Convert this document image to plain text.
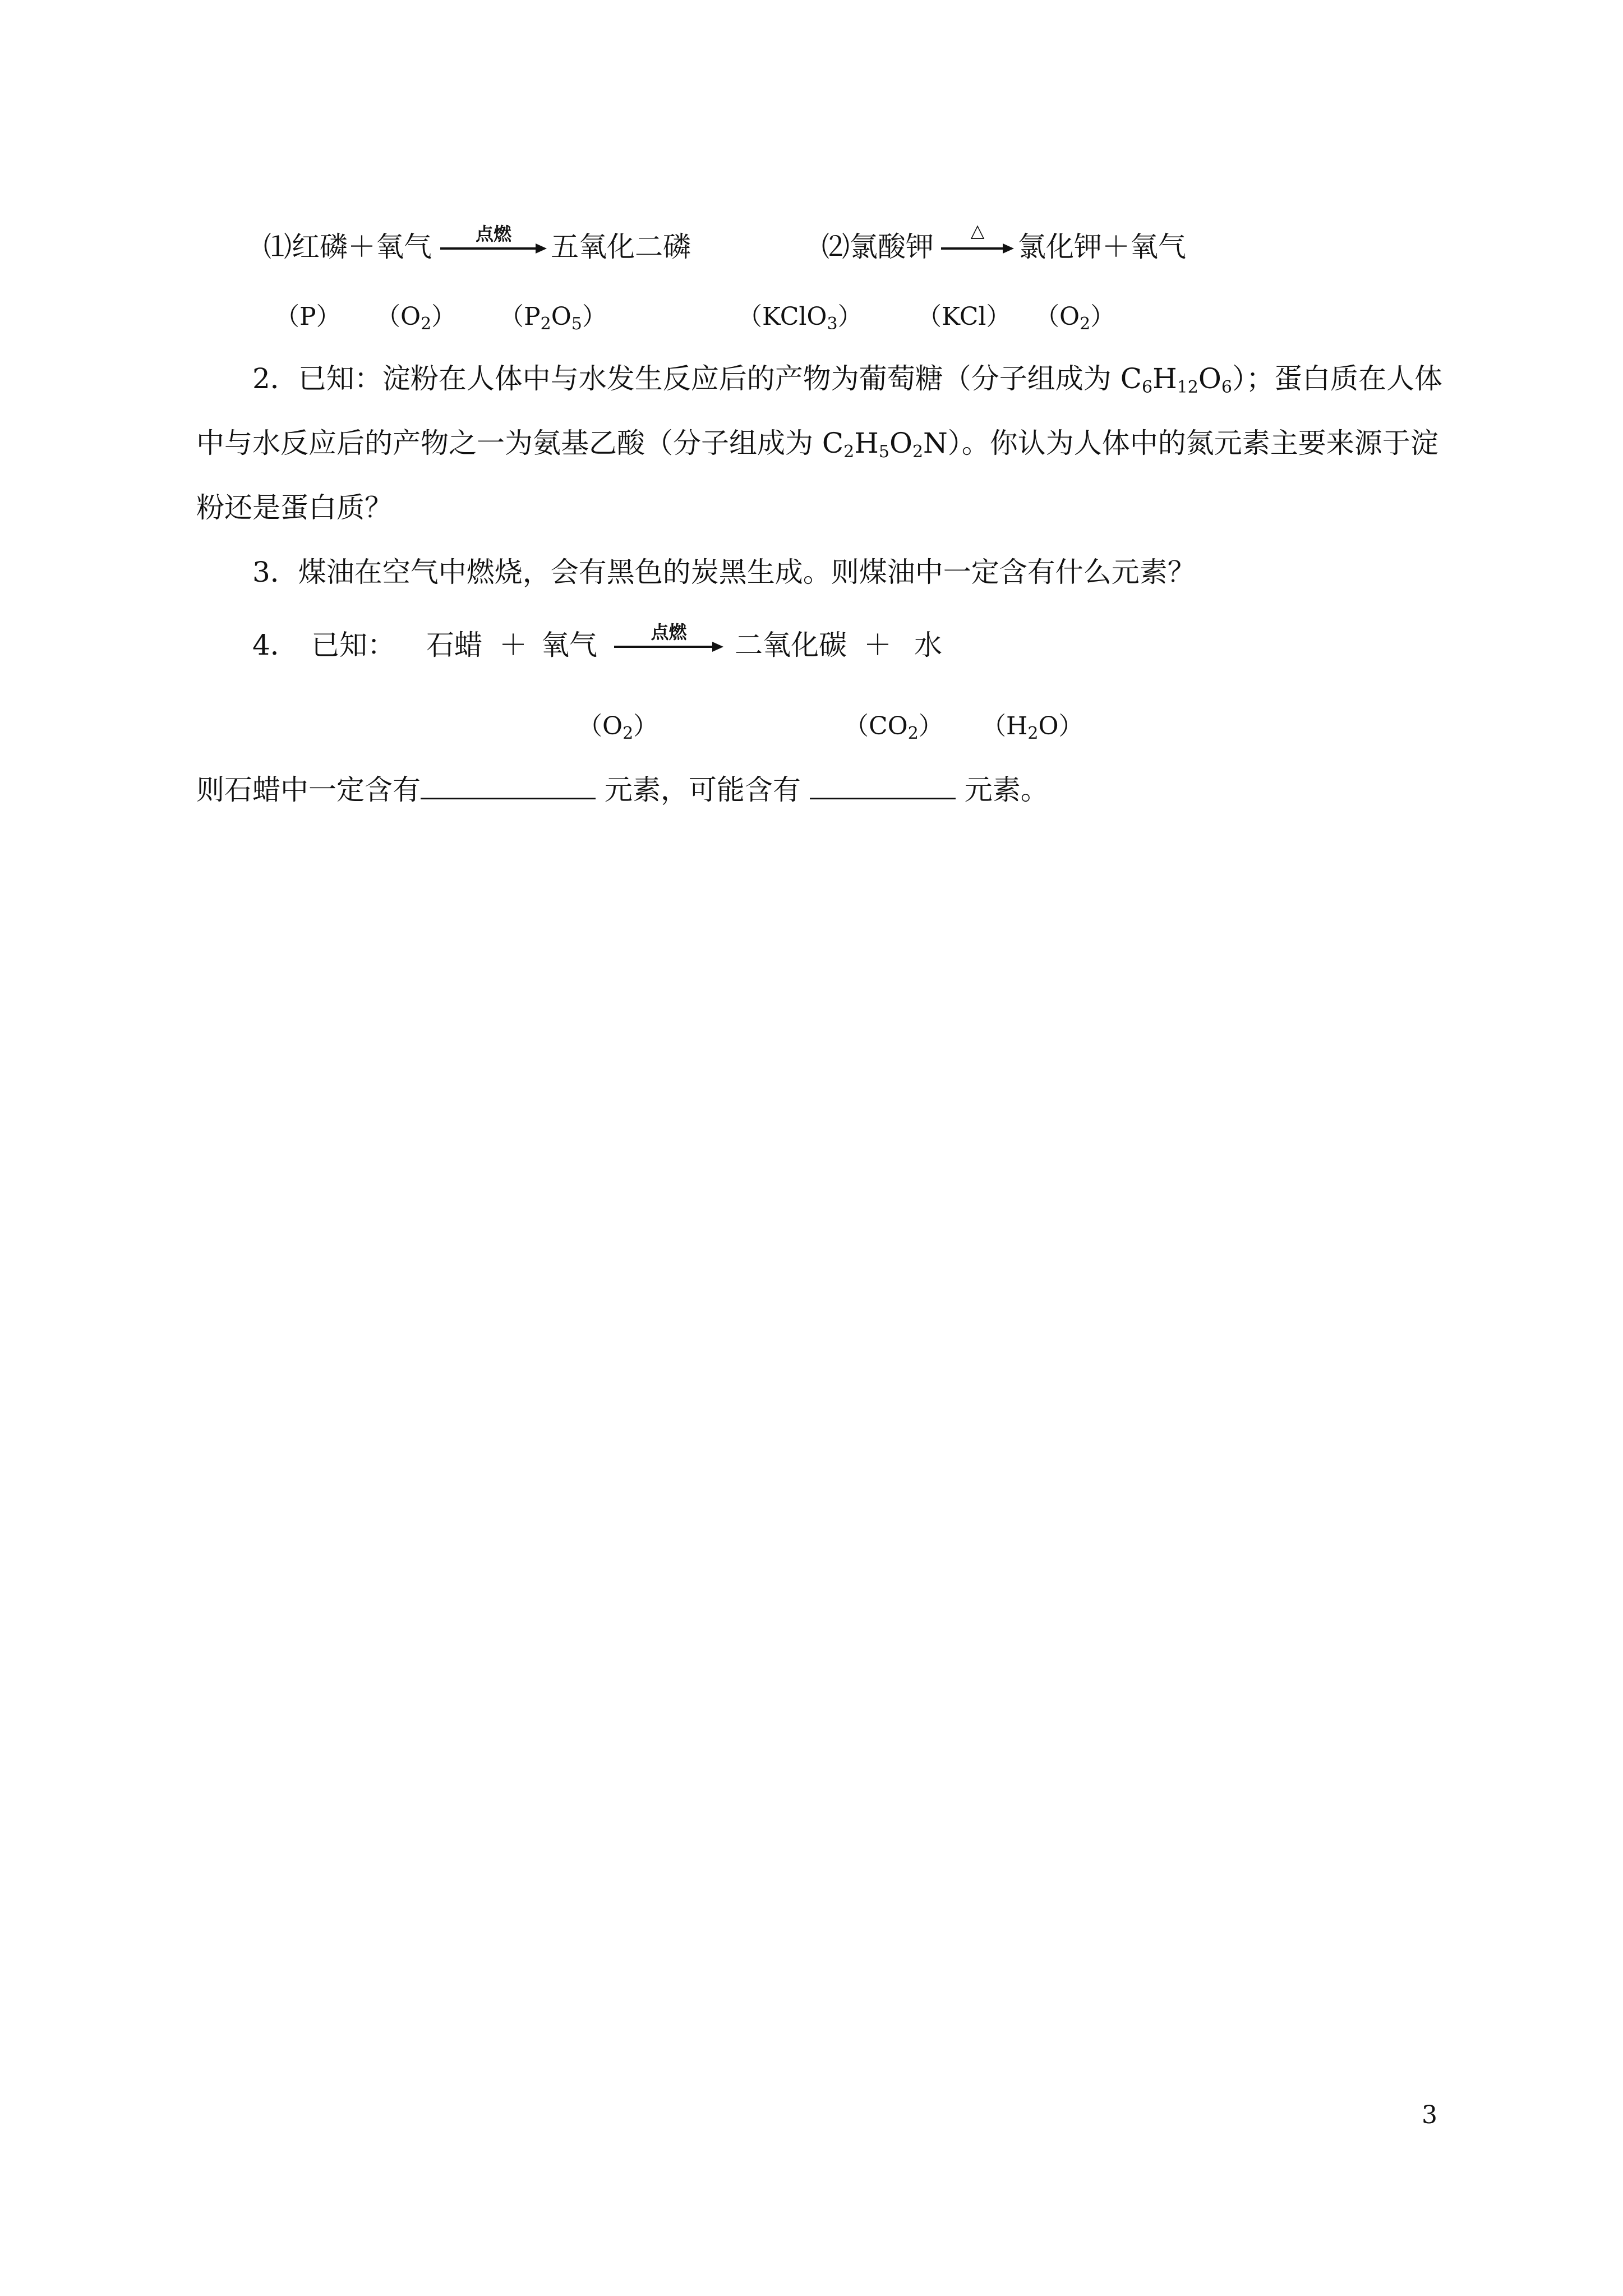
⑴红磷＋氧气	点燃	五氧化二磷	⑵氯酸钾	△	氯化钾＋氧气
（P） $(O_2)$ $(P_2O_5)$	（KClO$_3$） （KCl） $(O_2)$
2．已知：淀粉在人体中与水发生反应后的产物为葡萄糖（分子组成为 $C_6H_{12}O_6$）；蛋白质在人体
中与水反应后的产物之一为氨基乙酸（分子组成为 $C_2H_5O_2N$）。你认为人体中的氮元素主要来源于淀
粉还是蛋白质？
3．煤油在空气中燃烧，会有黑色的炭黑生成。则煤油中一定含有什么元素？
4． 已知： 石蜡 ＋ 氧气	点燃	二氧化碳 ＋ 水
$(O_2)$	$(CO_2)$ $(H_2O)$
则石蜡中一定含有	元素，可能含有	元素。
3
